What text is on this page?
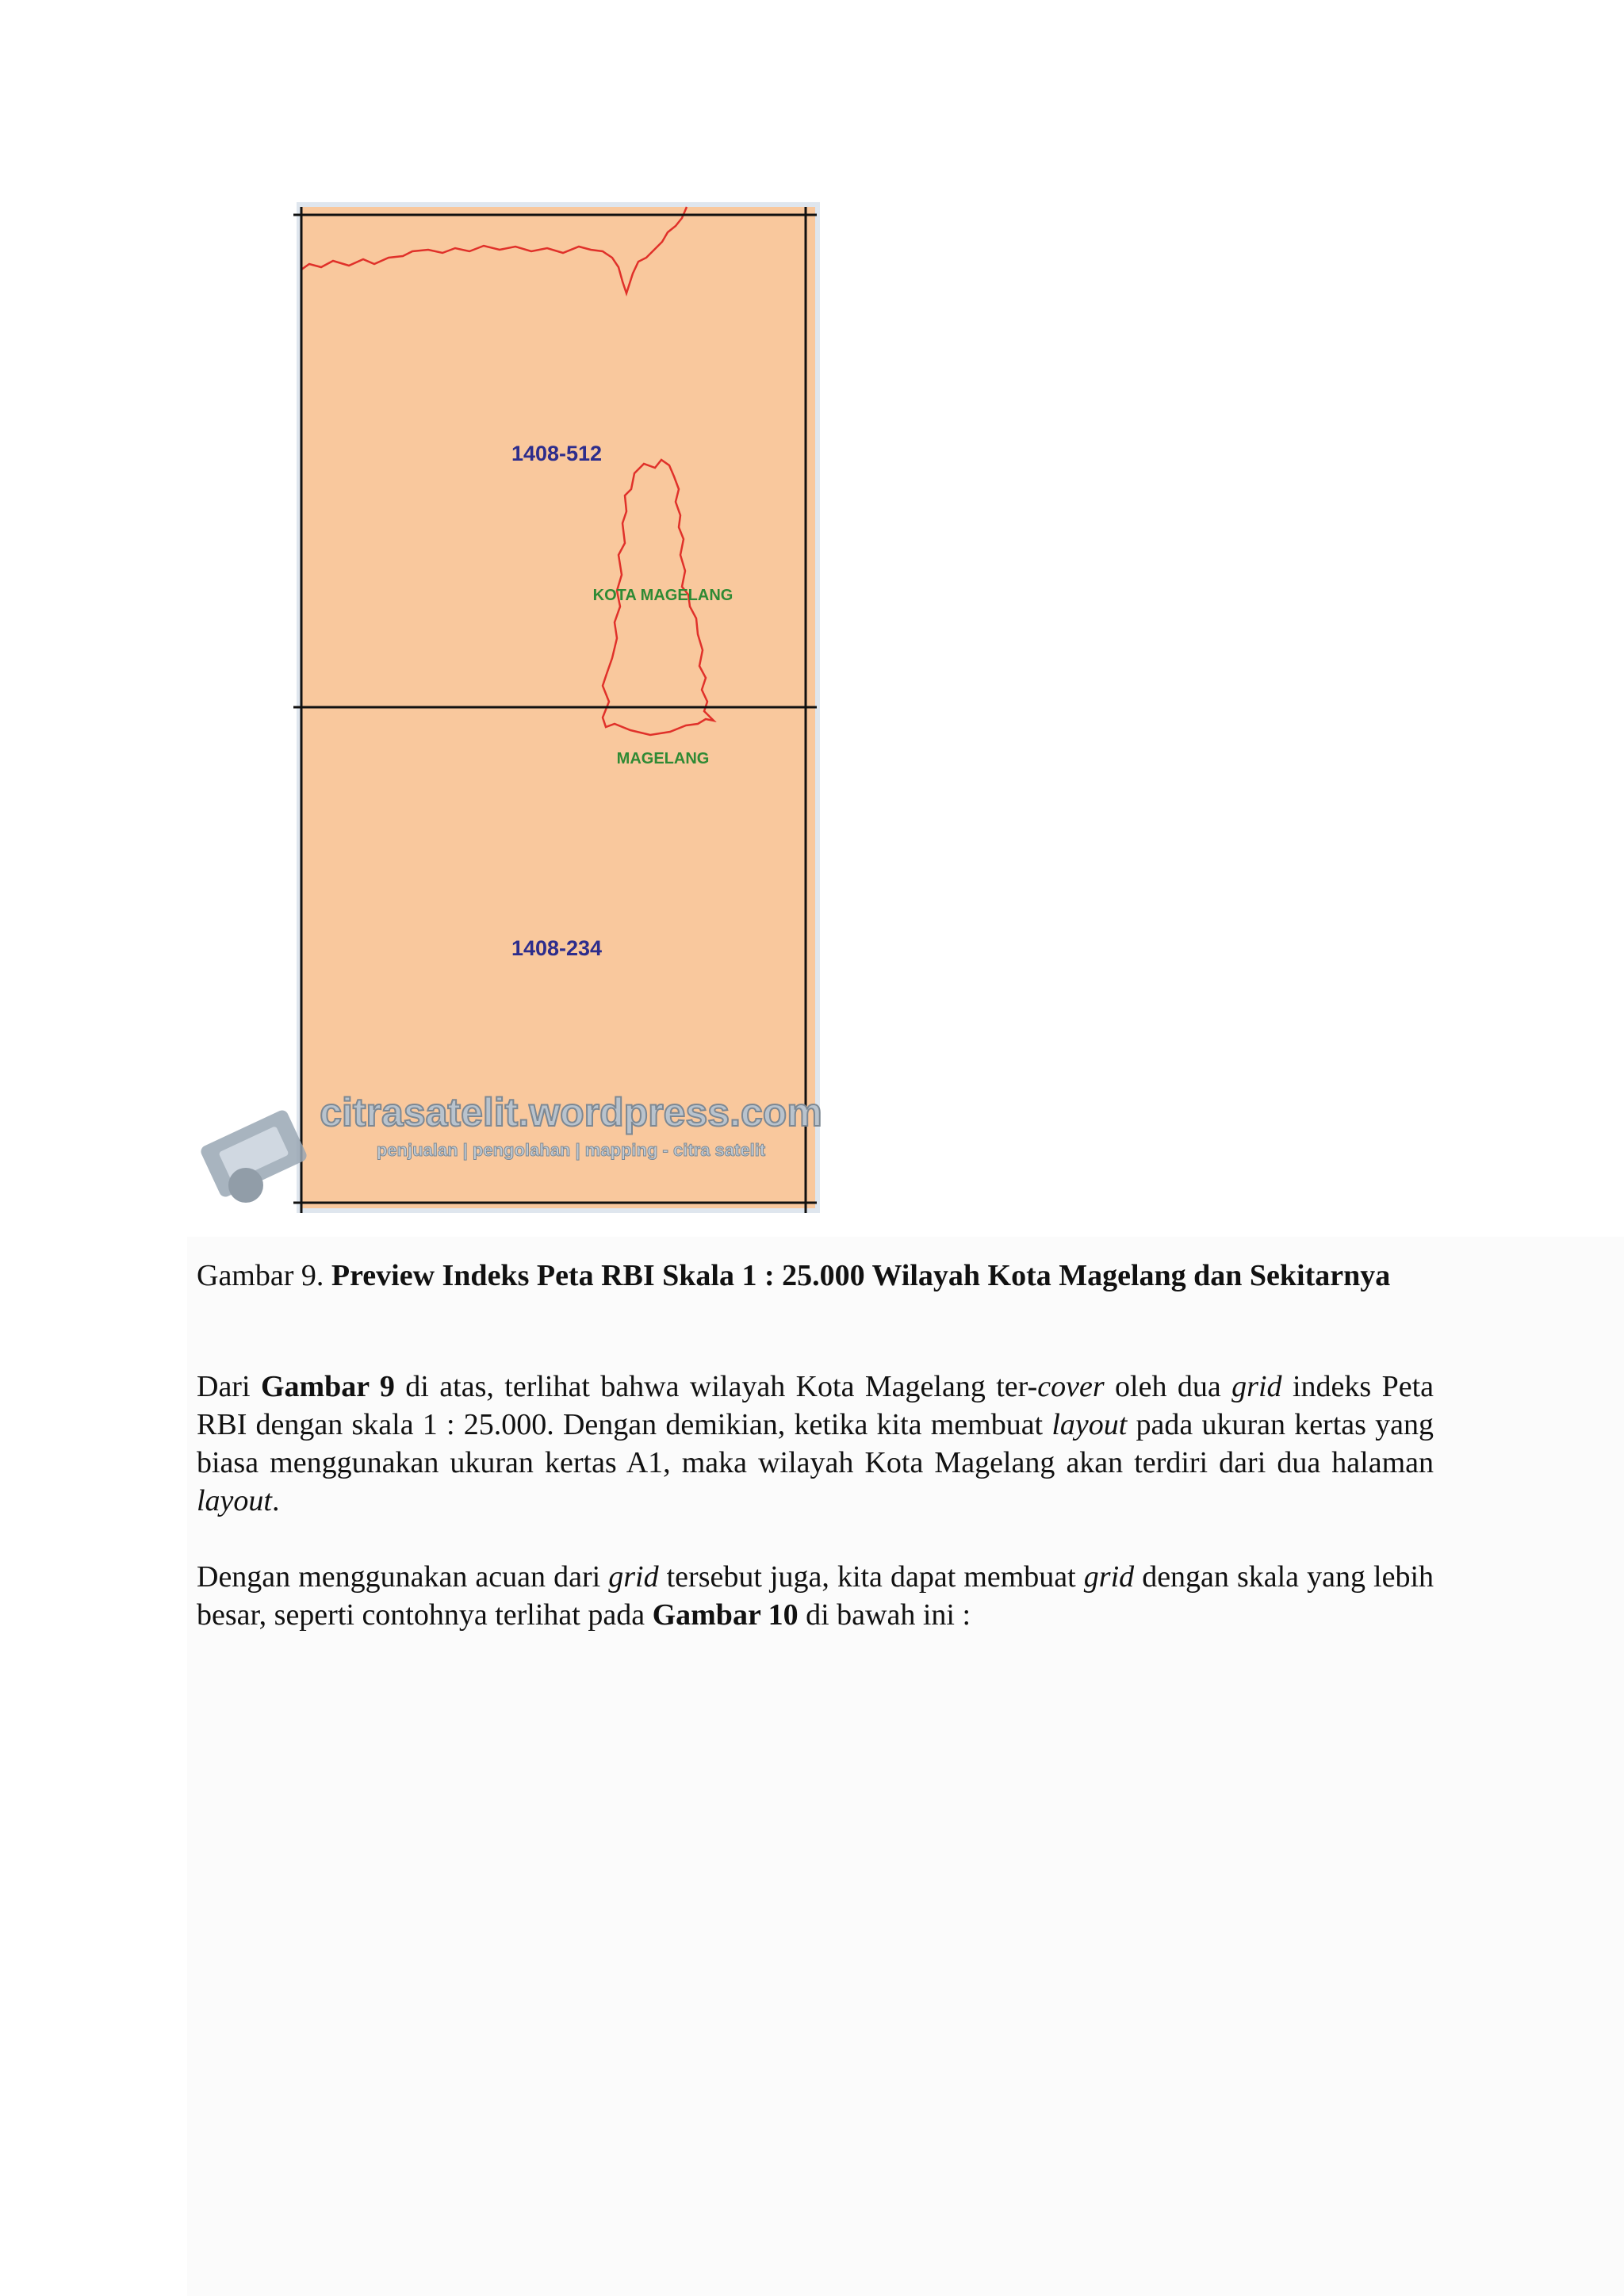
1408-512
1408-234
KOTA MAGELANG
MAGELANG
citrasatelit.wordpress.com
penjualan | pengolahan | mapping - citra satelit
Gambar 9. Preview Indeks Peta RBI Skala 1 : 25.000 Wilayah Kota Magelang dan Sekitarnya
Dari Gambar 9 di atas, terlihat bahwa wilayah Kota Magelang ter-cover oleh dua grid indeks Peta RBI dengan skala 1 : 25.000. Dengan demikian, ketika kita membuat layout pada ukuran kertas yang biasa menggunakan ukuran kertas A1, maka wilayah Kota Magelang akan terdiri dari dua halaman layout.
Dengan menggunakan acuan dari grid tersebut juga, kita dapat membuat grid dengan skala yang lebih besar, seperti contohnya terlihat pada Gambar 10 di bawah ini :
